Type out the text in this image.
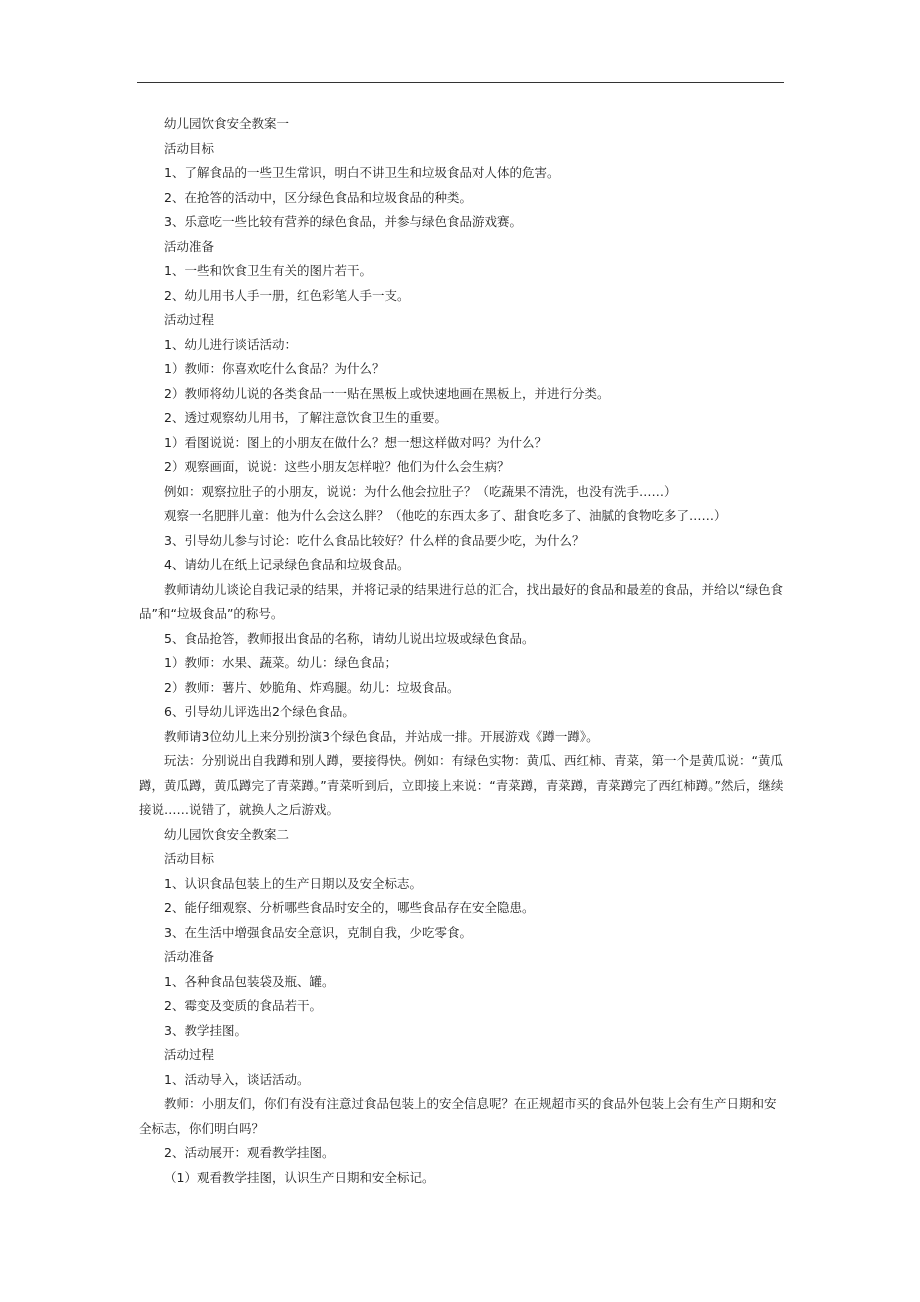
幼儿园饮食安全教案一

活动目标

1、了解食品的一些卫生常识，明白不讲卫生和垃圾食品对人体的危害。

2、在抢答的活动中，区分绿色食品和垃圾食品的种类。

3、乐意吃一些比较有营养的绿色食品，并参与绿色食品游戏赛。

活动准备

1、一些和饮食卫生有关的图片若干。

2、幼儿用书人手一册，红色彩笔人手一支。

活动过程

1、幼儿进行谈话活动：

1）教师：你喜欢吃什么食品？为什么？

2）教师将幼儿说的各类食品一一贴在黑板上或快速地画在黑板上，并进行分类。

2、透过观察幼儿用书，了解注意饮食卫生的重要。

1）看图说说：图上的小朋友在做什么？想一想这样做对吗？为什么？

2）观察画面，说说：这些小朋友怎样啦？他们为什么会生病？

例如：观察拉肚子的小朋友，说说：为什么他会拉肚子？（吃蔬果不清洗，也没有洗手……）

观察一名肥胖儿童：他为什么会这么胖？（他吃的东西太多了、甜食吃多了、油腻的食物吃多了……）

3、引导幼儿参与讨论：吃什么食品比较好？什么样的食品要少吃，为什么？

4、请幼儿在纸上记录绿色食品和垃圾食品。

教师请幼儿谈论自我记录的结果，并将记录的结果进行总的汇合，找出最好的食品和最差的食品，并给以“绿色食品”和“垃圾食品”的称号。

5、食品抢答，教师报出食品的名称，请幼儿说出垃圾或绿色食品。

1）教师：水果、蔬菜。幼儿：绿色食品；

2）教师：薯片、妙脆角、炸鸡腿。幼儿：垃圾食品。

6、引导幼儿评选出2个绿色食品。

教师请3位幼儿上来分别扮演3个绿色食品，并站成一排。开展游戏《蹲一蹲》。

玩法：分别说出自我蹲和别人蹲，要接得快。例如：有绿色实物：黄瓜、西红柿、青菜，第一个是黄瓜说：“黄瓜蹲，黄瓜蹲，黄瓜蹲完了青菜蹲。”青菜听到后，立即接上来说：“青菜蹲，青菜蹲，青菜蹲完了西红柿蹲。”然后，继续接说……说错了，就换人之后游戏。

幼儿园饮食安全教案二

活动目标

1、认识食品包装上的生产日期以及安全标志。

2、能仔细观察、分析哪些食品时安全的，哪些食品存在安全隐患。

3、在生活中增强食品安全意识，克制自我，少吃零食。

活动准备

1、各种食品包装袋及瓶、罐。

2、霉变及变质的食品若干。

3、教学挂图。

活动过程

1、活动导入，谈话活动。

教师：小朋友们，你们有没有注意过食品包装上的安全信息呢？在正规超市买的食品外包装上会有生产日期和安全标志，你们明白吗？

2、活动展开：观看教学挂图。

（1）观看教学挂图，认识生产日期和安全标记。
